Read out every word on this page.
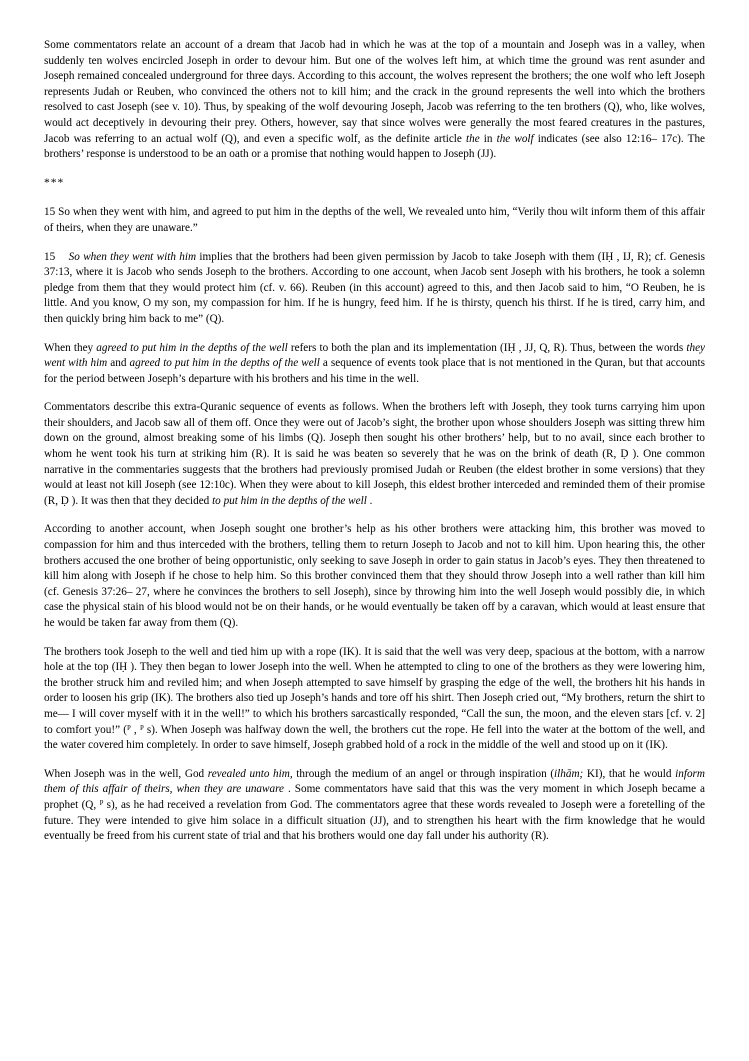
Some commentators relate an account of a dream that Jacob had in which he was at the top of a mountain and Joseph was in a valley, when suddenly ten wolves encircled Joseph in order to devour him. But one of the wolves left him, at which time the ground was rent asunder and Joseph remained concealed underground for three days. According to this account, the wolves represent the brothers; the one wolf who left Joseph represents Judah or Reuben, who convinced the others not to kill him; and the crack in the ground represents the well into which the brothers resolved to cast Joseph (see v. 10). Thus, by speaking of the wolf devouring Joseph, Jacob was referring to the ten brothers (Q), who, like wolves, would act deceptively in devouring their prey. Others, however, say that since wolves were generally the most feared creatures in the pastures, Jacob was referring to an actual wolf (Q), and even a specific wolf, as the definite article the in the wolf indicates (see also 12:16– 17c). The brothers’ response is understood to be an oath or a promise that nothing would happen to Joseph (JJ).

***

15 So when they went with him, and agreed to put him in the depths of the well, We revealed unto him, “Verily thou wilt inform them of this affair of theirs, when they are unaware.”

15    So when they went with him implies that the brothers had been given permission by Jacob to take Joseph with them (IḤ , IJ, R); cf. Genesis 37:13, where it is Jacob who sends Joseph to the brothers. According to one account, when Jacob sent Joseph with his brothers, he took a solemn pledge from them that they would protect him (cf. v. 66). Reuben (in this account) agreed to this, and then Jacob said to him, “O Reuben, he is little. And you know, O my son, my compassion for him. If he is hungry, feed him. If he is thirsty, quench his thirst. If he is tired, carry him, and then quickly bring him back to me” (Q).

When they agreed to put him in the depths of the well refers to both the plan and its implementation (IḤ , JJ, Q, R). Thus, between the words they went with him and agreed to put him in the depths of the well a sequence of events took place that is not mentioned in the Quran, but that accounts for the period between Joseph’s departure with his brothers and his time in the well.

Commentators describe this extra-Quranic sequence of events as follows. When the brothers left with Joseph, they took turns carrying him upon their shoulders, and Jacob saw all of them off. Once they were out of Jacob’s sight, the brother upon whose shoulders Joseph was sitting threw him down on the ground, almost breaking some of his limbs (Q). Joseph then sought his other brothers’ help, but to no avail, since each brother to whom he went took his turn at striking him (R). It is said he was beaten so severely that he was on the brink of death (R, Ḍ ). One common narrative in the commentaries suggests that the brothers had previously promised Judah or Reuben (the eldest brother in some versions) that they would at least not kill Joseph (see 12:10c). When they were about to kill Joseph, this eldest brother interceded and reminded them of their promise (R, Ḍ ). It was then that they decided to put him in the depths of the well .

According to another account, when Joseph sought one brother’s help as his other brothers were attacking him, this brother was moved to compassion for him and thus interceded with the brothers, telling them to return Joseph to Jacob and not to kill him. Upon hearing this, the other brothers accused the one brother of being opportunistic, only seeking to save Joseph in order to gain status in Jacob’s eyes. They then threatened to kill him along with Joseph if he chose to help him. So this brother convinced them that they should throw Joseph into a well rather than kill him (cf. Genesis 37:26– 27, where he convinces the brothers to sell Joseph), since by throwing him into the well Joseph would possibly die, in which case the physical stain of his blood would not be on their hands, or he would eventually be taken off by a caravan, which would at least ensure that he would be taken far away from them (Q).

The brothers took Joseph to the well and tied him up with a rope (IK). It is said that the well was very deep, spacious at the bottom, with a narrow hole at the top (IḤ ). They then began to lower Joseph into the well. When he attempted to cling to one of the brothers as they were lowering him, the brother struck him and reviled him; and when Joseph attempted to save himself by grasping the edge of the well, the brothers hit his hands in order to loosen his grip (IK). The brothers also tied up Joseph’s hands and tore off his shirt. Then Joseph cried out, “My brothers, return the shirt to me— I will cover myself with it in the well!” to which his brothers sarcastically responded, “Call the sun, the moon, and the eleven stars [cf. v. 2] to comfort you!” (ᴾ , ᴾ s). When Joseph was halfway down the well, the brothers cut the rope. He fell into the water at the bottom of the well, and the water covered him completely. In order to save himself, Joseph grabbed hold of a rock in the middle of the well and stood up on it (IK).

When Joseph was in the well, God revealed unto him, through the medium of an angel or through inspiration (ilhām; KI), that he would inform them of this affair of theirs, when they are unaware . Some commentators have said that this was the very moment in which Joseph became a prophet (Q, ᴾ s), as he had received a revelation from God. The commentators agree that these words revealed to Joseph were a foretelling of the future. They were intended to give him solace in a difficult situation (JJ), and to strengthen his heart with the firm knowledge that he would eventually be freed from his current state of trial and that his brothers would one day fall under his authority (R).
